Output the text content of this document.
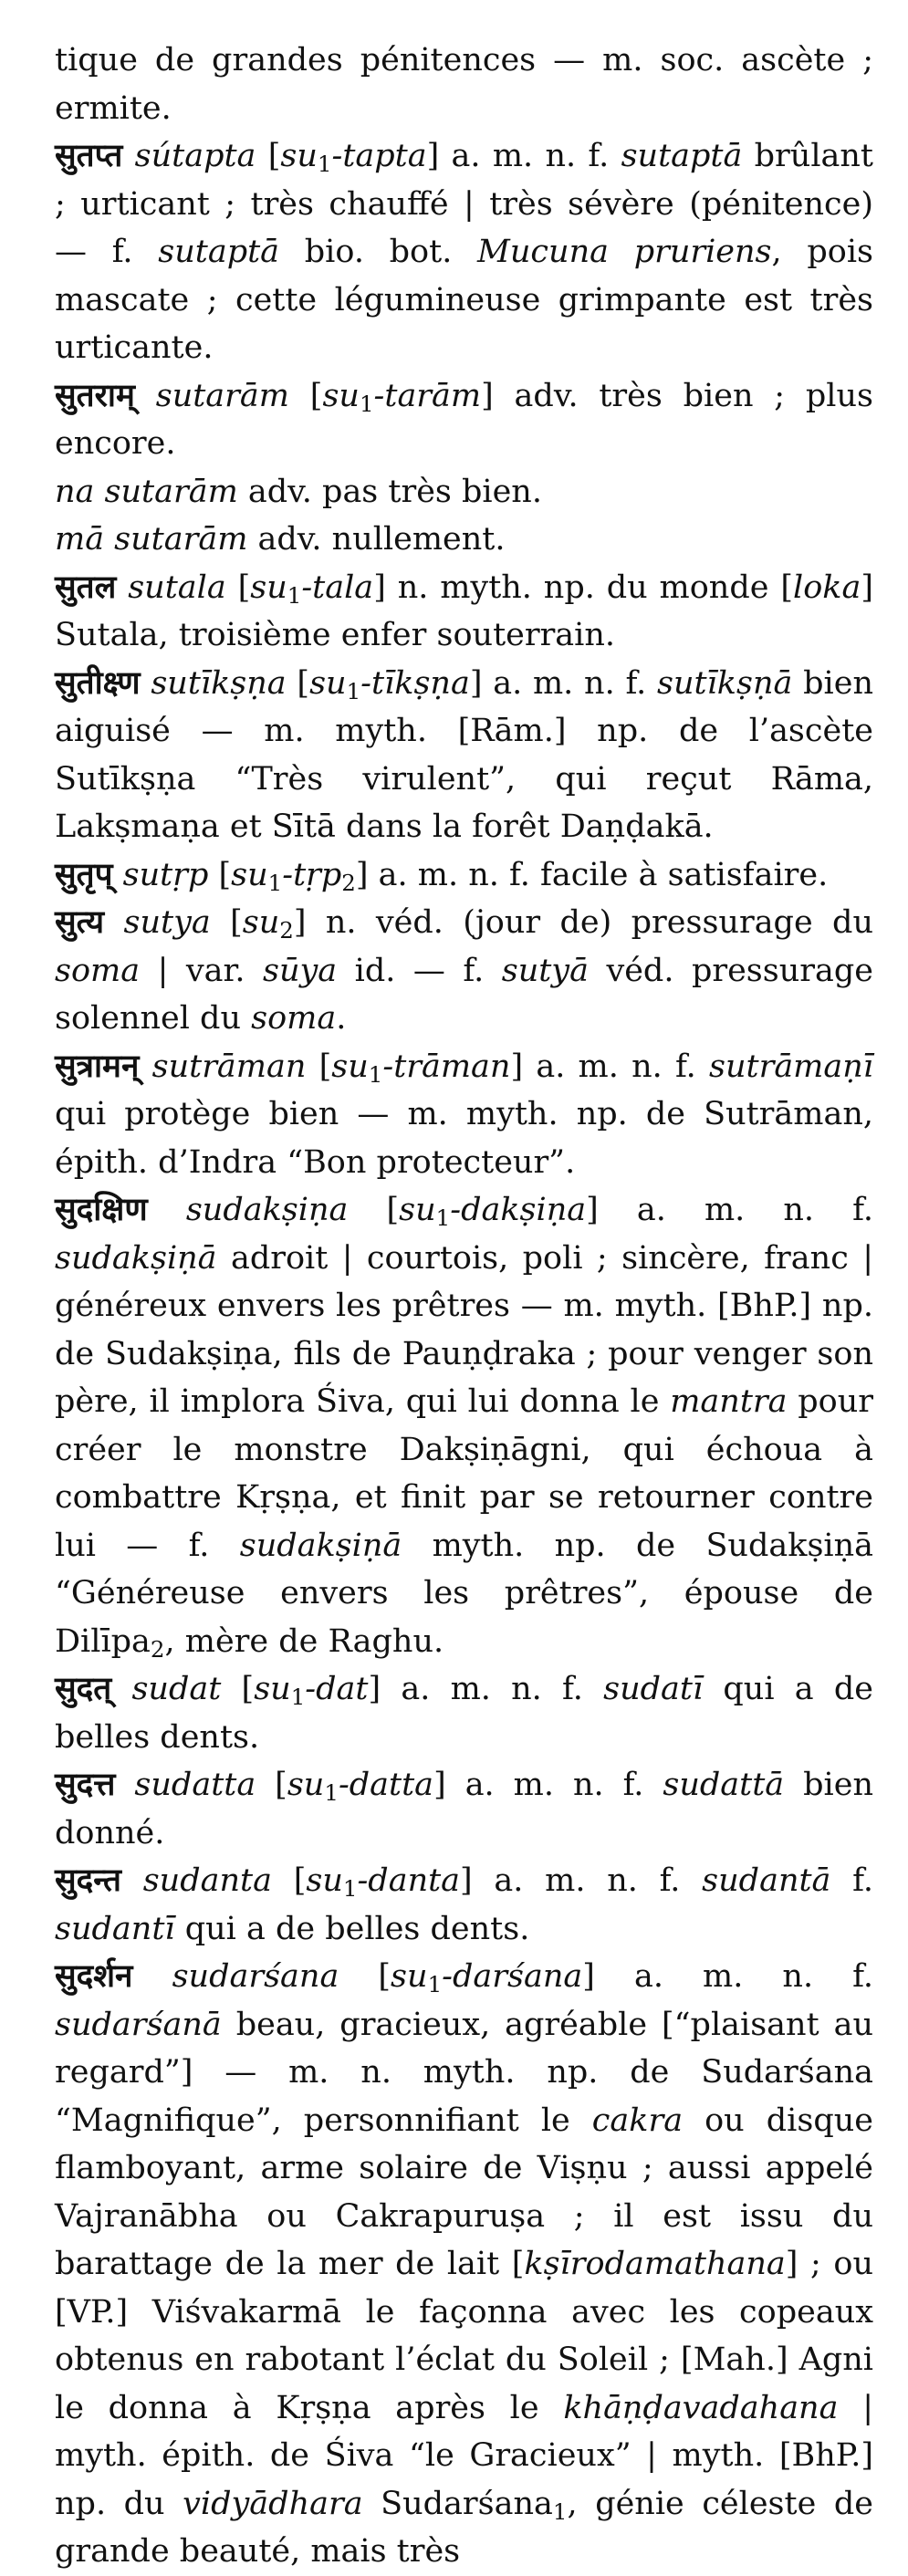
tique de grandes pénitences — m. soc. ascète ; ermite.

सुतप्त sútapta [su1-tapta] a. m. n. f. sutaptā brûlant ; urticant ; très chauffé | très sévère (pénitence) — f. sutaptā bio. bot. Mucuna pruriens, pois mascate ; cette légumineuse grimpante est très urticante.

सुतराम् sutarām [su1-tarām] adv. très bien ; plus encore.

na sutarām adv. pas très bien.

mā sutarām adv. nullement.

सुतल sutala [su1-tala] n. myth. np. du monde [loka] Sutala, troisième enfer souterrain.

सुतीक्ष्ण sutīkṣṇa [su1-tīkṣṇa] a. m. n. f. sutīkṣṇā bien aiguisé — m. myth. [Rām.] np. de l’ascète Sutīkṣṇa “Très virulent”, qui reçut Rāma, Lakṣmaṇa et Sītā dans la forêt Daṇḍakā.

सुतृप् sutṛp [su1-tṛp2] a. m. n. f. facile à satisfaire.

सुत्य sutya [su2] n. véd. (jour de) pressurage du soma | var. sūya id. — f. sutyā véd. pressurage solennel du soma.

सुत्रामन् sutrāman [su1-trāman] a. m. n. f. sutrāmaṇī qui protège bien — m. myth. np. de Sutrāman, épith. d’Indra “Bon protecteur”.

सुदक्षिण sudakṣiṇa [su1-dakṣiṇa] a. m. n. f. sudakṣiṇā adroit | courtois, poli ; sincère, franc | généreux envers les prêtres — m. myth. [BhP.] np. de Sudakṣiṇa, fils de Pauṇḍraka ; pour venger son père, il implora Śiva, qui lui donna le mantra pour créer le monstre Dakṣiṇāgni, qui échoua à combattre Kṛṣṇa, et finit par se retourner contre lui — f. sudakṣiṇā myth. np. de Sudakṣiṇā “Généreuse envers les prêtres”, épouse de Dilīpa2, mère de Raghu.

सुदत् sudat [su1-dat] a. m. n. f. sudatī qui a de belles dents.

सुदत्त sudatta [su1-datta] a. m. n. f. sudattā bien donné.

सुदन्त sudanta [su1-danta] a. m. n. f. sudantā f. sudantī qui a de belles dents.

सुदर्शन sudarśana [su1-darśana] a. m. n. f. sudarśanā beau, gracieux, agréable [“plaisant au regard”] — m. n. myth. np. de Sudarśana “Magnifique”, personnifiant le cakra ou disque flamboyant, arme solaire de Viṣṇu ; aussi appelé Vajranābha ou Cakrapuruṣa ; il est issu du barattage de la mer de lait [kṣīrodamathana] ; ou [VP.] Viśvakarmā le façonna avec les copeaux obtenus en rabotant l’éclat du Soleil ; [Mah.] Agni le donna à Kṛṣṇa après le khāṇḍavadahana | myth. épith. de Śiva “le Gracieux” | myth. [BhP.] np. du vidyādhara Sudarśana1, génie céleste de grande beauté, mais très
